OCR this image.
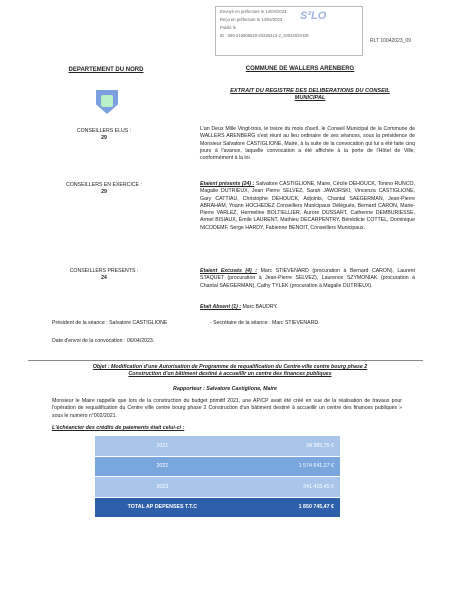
Envoyé en préfecture le 14/04/2023
Reçu en préfecture le 14/04/2023
Publié le
ID : 059-215906520-20230413-2_10042023-DE
S²LO
RLT 10042023_09
DEPARTEMENT DU NORD	COMMUNE DE WALLERS ARENBERG
EXTRAIT DU REGISTRE DES DELIBERATIONS DU CONSEIL MUNICIPAL
CONSEILLERS ELUS :
29
CONSEILLERS EN EXERCICE :
29
CONSEILLERS PRESENTS :
24
L'an Deux Mille Vingt-trois, le treize du mois d'avril, le Conseil Municipal de la Commune de WALLERS ARENBERG s'est réuni au lieu ordinaire de ses séances, sous la présidence de Monsieur Salvatore CASTIGLIONE, Maire, à la suite de la convocation qui lui a été faite cinq jours à l'avance, laquelle convocation a été affichée à la porte de l'Hôtel de Ville, conformément à la loi.
Etaient présents (24) : Salvatore CASTIGLIONE, Maire, Cécile DEHOUCK, Tonino RUNCO, Magalie DUTRIEUX, Jean Pierre SELVEZ, Sarah JAWORSKI, Vincenza CASTIGLIONE, Gary CATTIAU, Christophe DEHOUCK, Adjoints, Chantal SAEGERMAN, Jean-Pierre ABRAHAM, Yoann HOCHEDEZ Conseillers Municipaux Délégués, Bernard CARON, Marie-Pierre VARLEZ, Hermeline BOLTIELLIER, Aurore DUSSART, Catherine DEMBURIESSE, Armel BISIAUX, Émile LAURENT, Mathieu DECARPENTRY, Bénédicte COTTEL, Dominique NICODEMF, Serge HARDY, Fabienne BENOIT, Conseillers Municipaux.
Etaient Excusés (4) : Marc STIEVENARD (procuration à Bernard CARON), Laurent STAQUET (procuration à Jean-Pierre SELVEZ), Laurence SZYMONIAK (procuration à Chantal SAEGERMAN), Cathy TYLEK (procuration à Magalie DUTRIEUX).
Etait Absent (1) : Marc BAUDRY.
Président de la séance : Salvatore CASTIGLIONE	- Secrétaire de la séance : Marc STIEVENARD.
Date d'envoi de la convocation : 06/04/2023.
Objet : Modification d'une Autorisation de Programme de requalification du Centre-ville centre bourg phase 2
Construction d'un bâtiment destiné à accueillir un centre des finances publiques
Rapporteur : Salvatore Castiglione, Maire
Monsieur le Maire rappelle que lors de la construction du budget primitif 2021, une AP/CP avait été créé en vue de la réalisation de travaux pour l'opération de requalification du Centre ville centre bourg phase 2 Construction d'un bâtiment destiné à accueillir un centre des finances publiques » sous le numéro n°002/2021.
L'échéancier des crédits de paiements était celui-ci :
2021	34 385,75 €
2022	1 574 641,27 €
2023	241 418,45 €
TOTAL AP DEPENSES T.T.C	1 850 745,47 €
